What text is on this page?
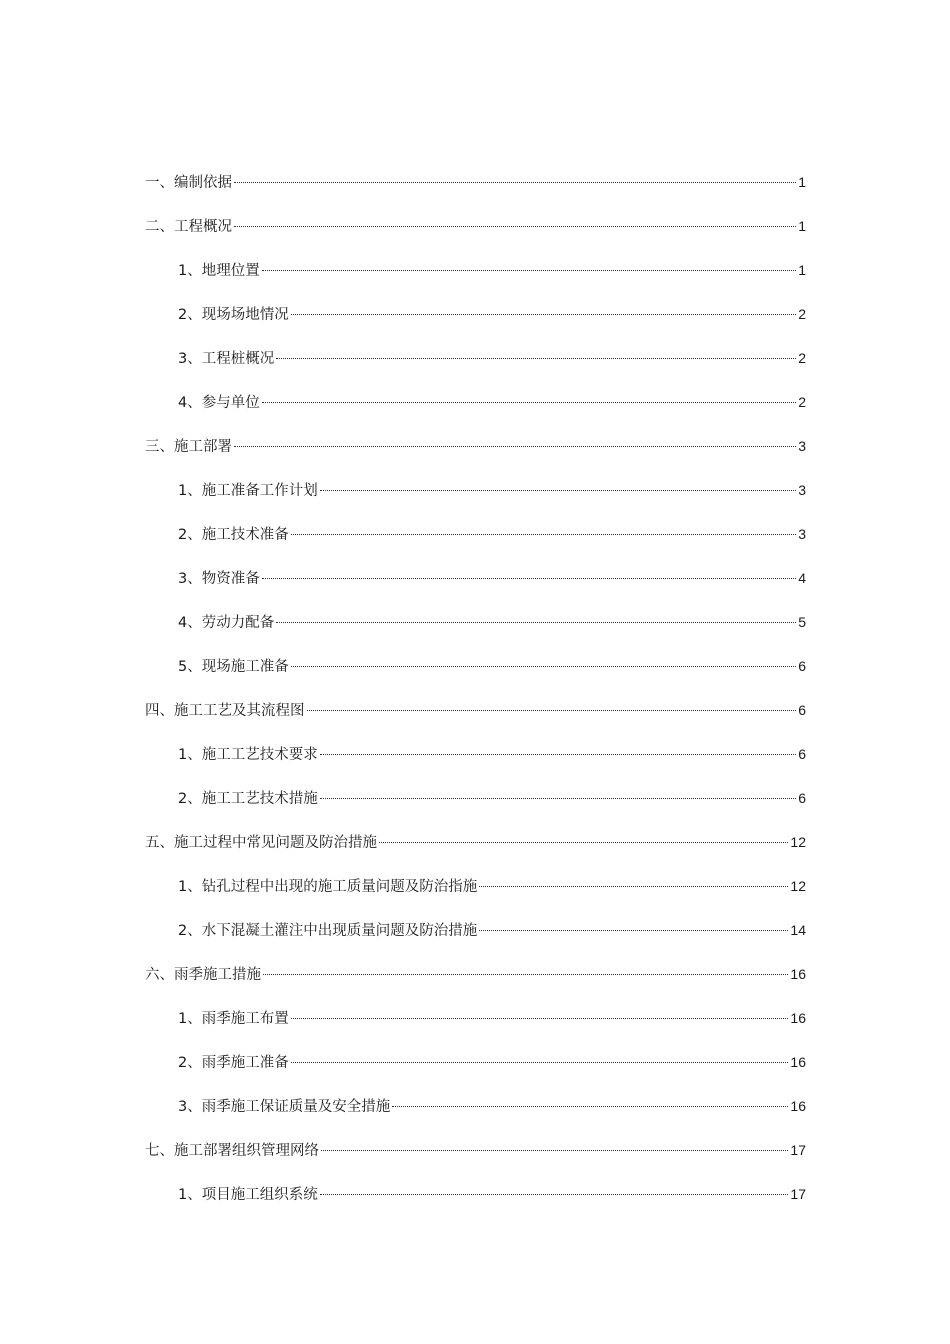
一、编制依据	1
二、工程概况	1
1、地理位置	1
2、现场场地情况	2
3、工程桩概况	2
4、参与单位	2
三、施工部署	3
1、施工准备工作计划	3
2、施工技术准备	3
3、物资准备	4
4、劳动力配备	5
5、现场施工准备	6
四、施工工艺及其流程图	6
1、施工工艺技术要求	6
2、施工工艺技术措施	6
五、施工过程中常见问题及防治措施	12
1、钻孔过程中出现的施工质量问题及防治指施	12
2、水下混凝土灌注中出现质量问题及防治措施	14
六、雨季施工措施	16
1、雨季施工布置	16
2、雨季施工准备	16
3、雨季施工保证质量及安全措施	16
七、施工部署组织管理网络	17
1、项目施工组织系统	17
